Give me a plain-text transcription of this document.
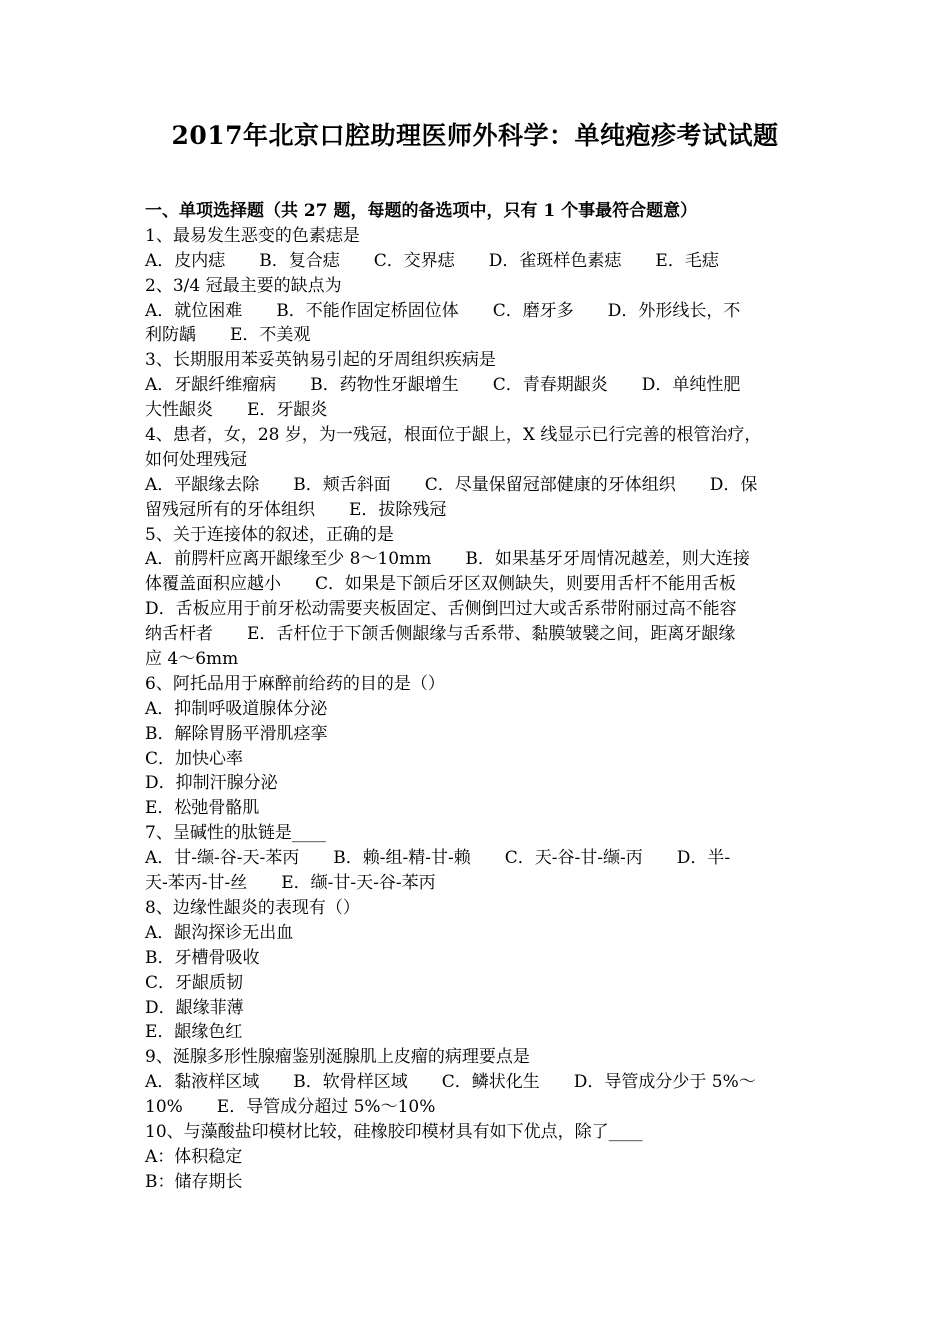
2017年北京口腔助理医师外科学：单纯疱疹考试试题
一、单项选择题（共 27 题，每题的备选项中，只有 1 个事最符合题意）
1、最易发生恶变的色素痣是
A．皮内痣　　B．复合痣　　C．交界痣　　D．雀斑样色素痣　　E．毛痣
2、3/4 冠最主要的缺点为
A．就位困难　　B．不能作固定桥固位体　　C．磨牙多　　D．外形线长，不
利防龋　　E．不美观
3、长期服用苯妥英钠易引起的牙周组织疾病是
A．牙龈纤维瘤病　　B．药物性牙龈增生　　C．青春期龈炎　　D．单纯性肥
大性龈炎　　E．牙龈炎
4、患者，女，28 岁，为一残冠，根面位于龈上，X 线显示已行完善的根管治疗，
如何处理残冠
A．平龈缘去除　　B．颊舌斜面　　C．尽量保留冠部健康的牙体组织　　D．保
留残冠所有的牙体组织　　E．拔除残冠
5、关于连接体的叙述，正确的是
A．前腭杆应离开龈缘至少 8～10mm　　B．如果基牙牙周情况越差，则大连接
体覆盖面积应越小　　C．如果是下颌后牙区双侧缺失，则要用舌杆不能用舌板
D．舌板应用于前牙松动需要夹板固定、舌侧倒凹过大或舌系带附丽过高不能容
纳舌杆者　　E．舌杆位于下颌舌侧龈缘与舌系带、黏膜皱襞之间，距离牙龈缘
应 4～6mm
6、阿托品用于麻醉前给药的目的是（）
A．抑制呼吸道腺体分泌
B．解除胃肠平滑肌痉挛
C．加快心率
D．抑制汗腺分泌
E．松弛骨骼肌
7、呈碱性的肽链是____
A．甘-缬-谷-天-苯丙　　B．赖-组-精-甘-赖　　C．天-谷-甘-缬-丙　　D．半-
天-苯丙-甘-丝　　E．缬-甘-天-谷-苯丙
8、边缘性龈炎的表现有（）
A．龈沟探诊无出血
B．牙槽骨吸收
C．牙龈质韧
D．龈缘菲薄
E．龈缘色红
9、涎腺多形性腺瘤鉴别涎腺肌上皮瘤的病理要点是
A．黏液样区域　　B．软骨样区域　　C．鳞状化生　　D．导管成分少于 5%～
10%　　E．导管成分超过 5%～10%
10、与藻酸盐印模材比较，硅橡胶印模材具有如下优点，除了____
A：体积稳定
B：储存期长
